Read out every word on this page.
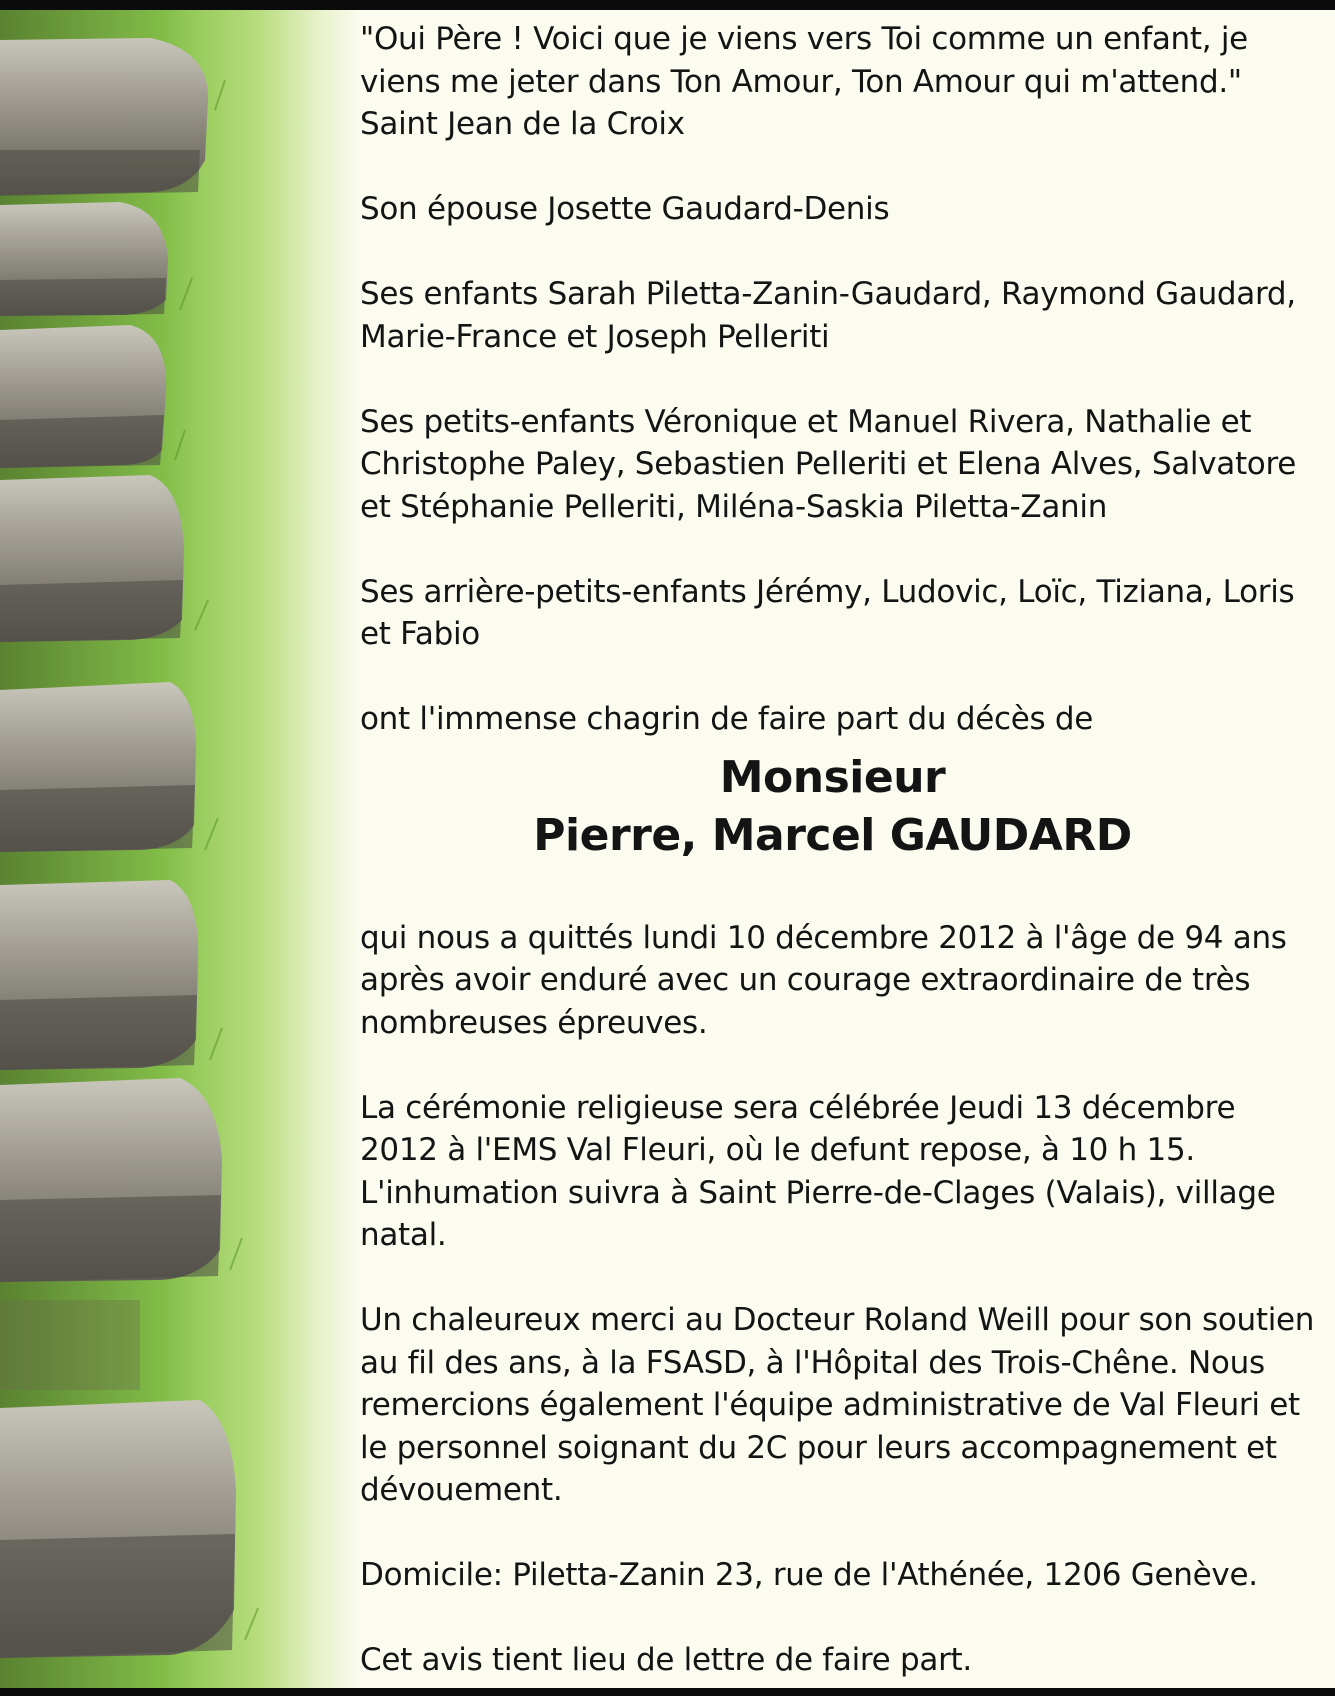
"Oui Père ! Voici que je viens vers Toi comme un enfant, je viens me jeter dans Ton Amour, Ton Amour qui m'attend."

Saint Jean de la Croix

Son épouse Josette Gaudard-Denis

Ses enfants Sarah Piletta-Zanin-Gaudard, Raymond Gaudard, Marie-France et Joseph Pelleriti

Ses petits-enfants Véronique et Manuel Rivera, Nathalie et Christophe Paley, Sebastien Pelleriti et Elena Alves, Salvatore et Stéphanie Pelleriti, Miléna-Saskia Piletta-Zanin

Ses arrière-petits-enfants Jérémy, Ludovic, Loïc, Tiziana, Loris et Fabio

ont l'immense chagrin de faire part du décès de

Monsieur
Pierre, Marcel GAUDARD

qui nous a quittés lundi 10 décembre 2012 à l'âge de 94 ans après avoir enduré avec un courage extraordinaire de très nombreuses épreuves.

La cérémonie religieuse sera célébrée Jeudi 13 décembre 2012 à l'EMS Val Fleuri, où le defunt repose, à 10 h 15. L'inhumation suivra à Saint Pierre-de-Clages (Valais), village natal.

Un chaleureux merci au Docteur Roland Weill pour son soutien au fil des ans, à la FSASD, à l'Hôpital des Trois-Chêne. Nous remercions également l'équipe administrative de Val Fleuri et le personnel soignant du 2C pour leurs accompagnement et dévouement.

Domicile: Piletta-Zanin 23, rue de l'Athénée, 1206 Genève.

Cet avis tient lieu de lettre de faire part.
